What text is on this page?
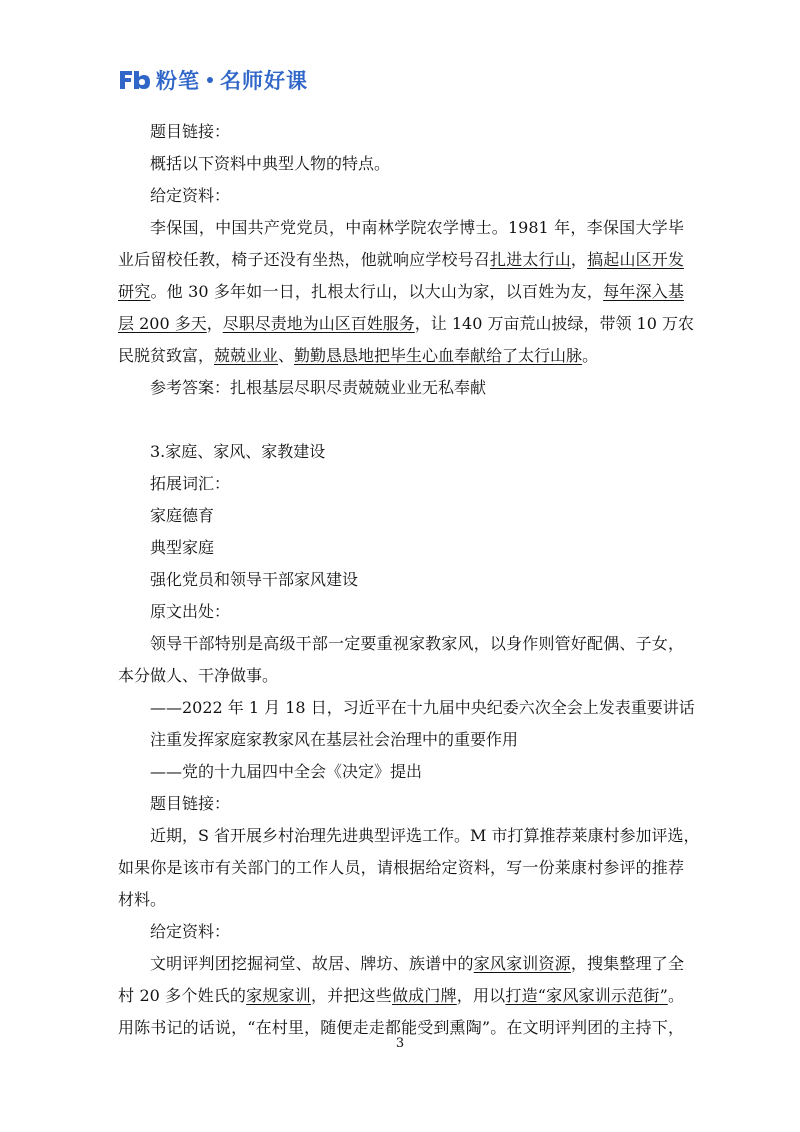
粉笔 名师好课
题目链接：
概括以下资料中典型人物的特点。
给定资料：
李保国，中国共产党党员，中南林学院农学博士。1981 年，李保国大学毕
业后留校任教，椅子还没有坐热，他就响应学校号召扎进太行山，搞起山区开发
研究。他 30 多年如一日，扎根太行山，以大山为家，以百姓为友，每年深入基
层 200 多天，尽职尽责地为山区百姓服务，让 140 万亩荒山披绿，带领 10 万农
民脱贫致富，兢兢业业、勤勤恳恳地把毕生心血奉献给了太行山脉。
参考答案：扎根基层尽职尽责兢兢业业无私奉献
3.家庭、家风、家教建设
拓展词汇：
家庭德育
典型家庭
强化党员和领导干部家风建设
原文出处：
领导干部特别是高级干部一定要重视家教家风，以身作则管好配偶、子女，
本分做人、干净做事。
——2022 年 1 月 18 日，习近平在十九届中央纪委六次全会上发表重要讲话
注重发挥家庭家教家风在基层社会治理中的重要作用
——党的十九届四中全会《决定》提出
题目链接：
近期，S 省开展乡村治理先进典型评选工作。M 市打算推荐莱康村参加评选，
如果你是该市有关部门的工作人员，请根据给定资料，写一份莱康村参评的推荐
材料。
给定资料：
文明评判团挖掘祠堂、故居、牌坊、族谱中的家风家训资源，搜集整理了全
村 20 多个姓氏的家规家训，并把这些做成门牌，用以打造“家风家训示范街”。
用陈书记的话说，“在村里，随便走走都能受到熏陶”。在文明评判团的主持下，
3
